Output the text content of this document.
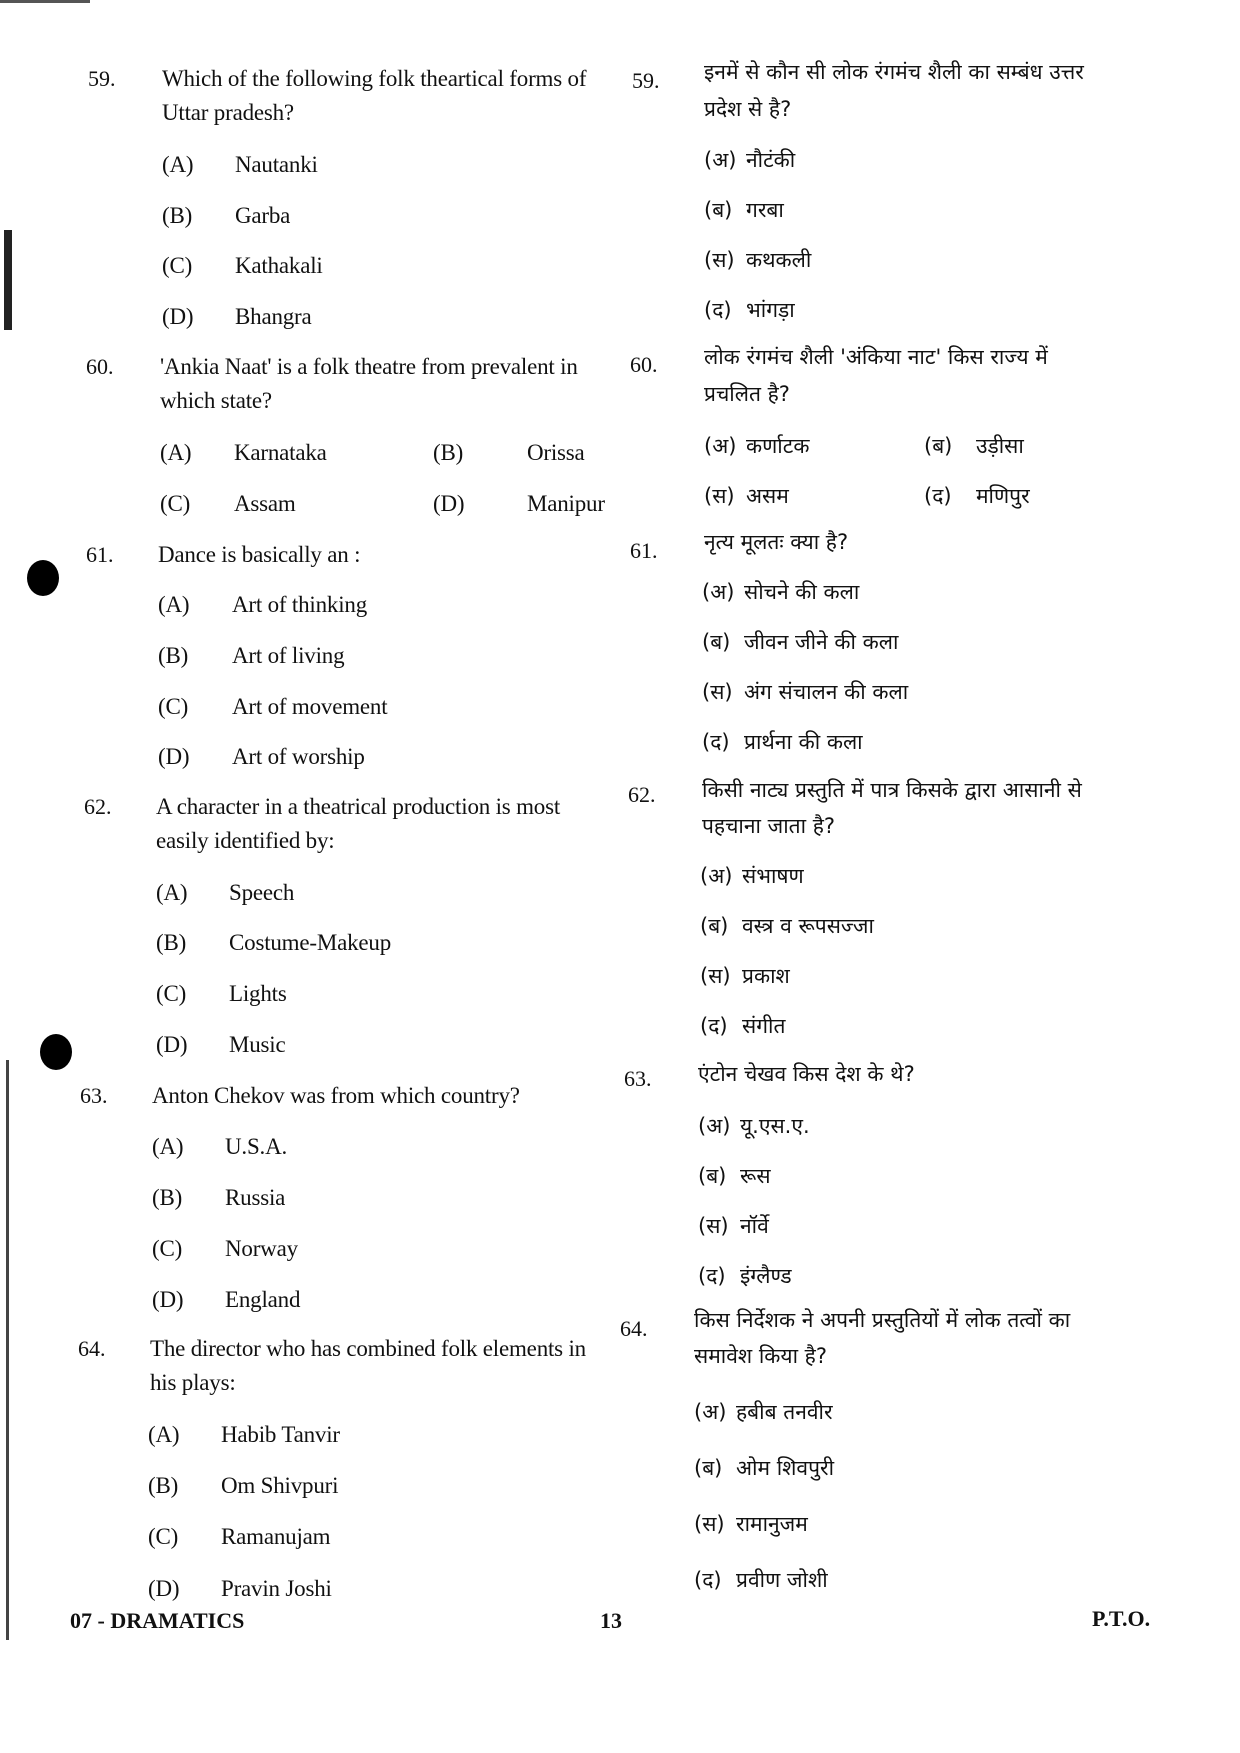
59. Which of the following folk theartical forms of
Uttar pradesh?
(A) Nautanki
(B) Garba
(C) Kathakali
(D) Bhangra
59. इनमें से कौन सी लोक रंगमंच शैली का सम्बंध उत्तर
प्रदेश से है?
(अ) नौटंकी
(ब) गरबा
(स) कथकली
(द) भांगड़ा
60. 'Ankia Naat' is a folk theatre from prevalent in
which state?
(A) Karnataka	(B)	Orissa
(C) Assam	(D)	Manipur
60. लोक रंगमंच शैली 'अंकिया नाट' किस राज्य में
प्रचलित है?
(अ) कर्णाटक	(ब) उड़ीसा
(स) असम	(द) मणिपुर
61. Dance is basically an :
(A) Art of thinking
(B) Art of living
(C) Art of movement
(D) Art of worship
61. नृत्य मूलतः क्या है?
(अ) सोचने की कला
(ब) जीवन जीने की कला
(स) अंग संचालन की कला
(द) प्रार्थना की कला
62. A character in a theatrical production is most
easily identified by:
(A) Speech
(B) Costume-Makeup
(C) Lights
(D) Music
62. किसी नाट्य प्रस्तुति में पात्र किसके द्वारा आसानी से
पहचाना जाता है?
(अ) संभाषण
(ब) वस्त्र व रूपसज्जा
(स) प्रकाश
(द) संगीत
63. Anton Chekov was from which country?
(A) U.S.A.
(B) Russia
(C) Norway
(D) England
63. एंटोन चेखव किस देश के थे?
(अ) यू.एस.ए.
(ब) रूस
(स) नॉर्वे
(द) इंग्लैण्ड
64. The director who has combined folk elements in
his plays:
(A) Habib Tanvir
(B) Om Shivpuri
(C) Ramanujam
(D) Pravin Joshi
64. किस निर्देशक ने अपनी प्रस्तुतियों में लोक तत्वों का
समावेश किया है?
(अ) हबीब तनवीर
(ब) ओम शिवपुरी
(स) रामानुजम
(द) प्रवीण जोशी
07 - DRAMATICS	13	P.T.O.
